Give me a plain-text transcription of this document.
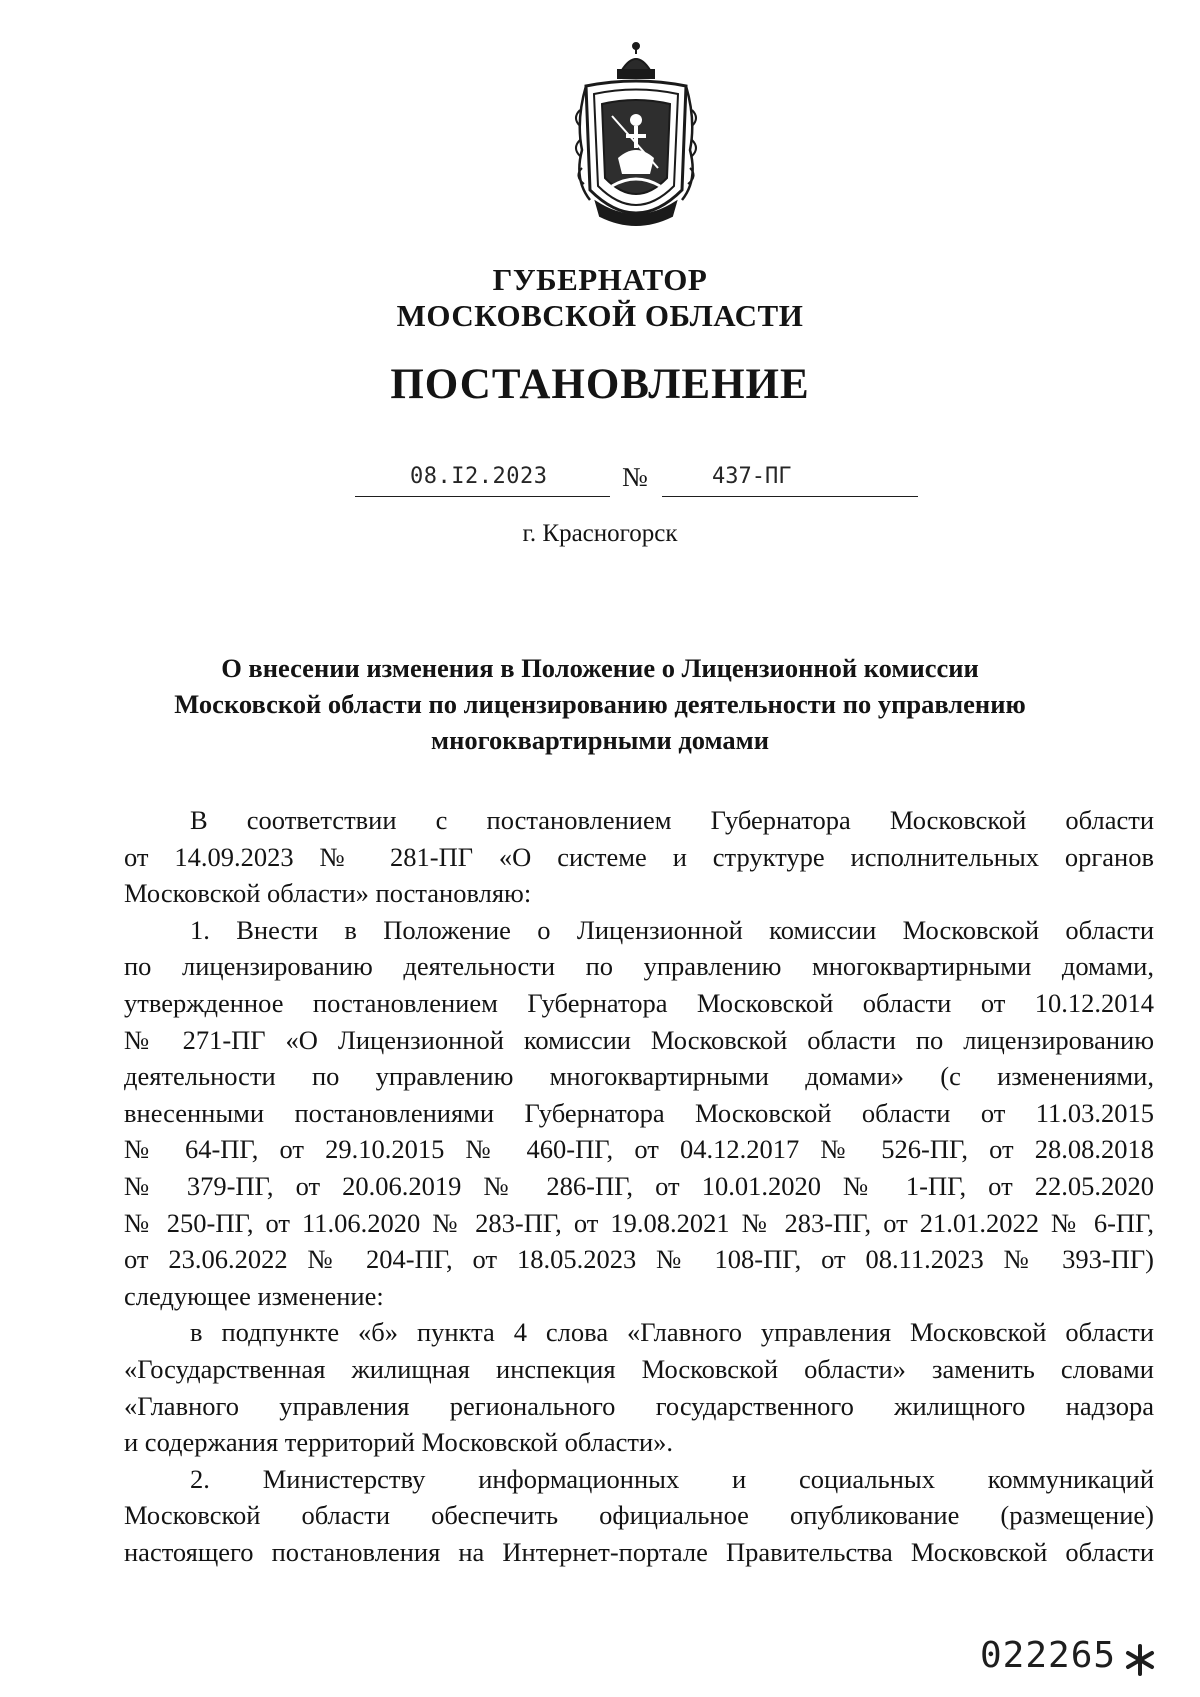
ГУБЕРНАТОР
МОСКОВСКОЙ ОБЛАСТИ
ПОСТАНОВЛЕНИЕ
08.I2.2023	№	437-ПГ
г. Красногорск
О внесении изменения в Положение о Лицензионной комиссии
Московской области по лицензированию деятельности по управлению
многоквартирными домами
В соответствии с постановлением Губернатора Московской области
от 14.09.2023 № 281-ПГ «О системе и структуре исполнительных органов
Московской области» постановляю:
1. Внести в Положение о Лицензионной комиссии Московской области
по лицензированию деятельности по управлению многоквартирными домами,
утвержденное постановлением Губернатора Московской области от 10.12.2014
№ 271-ПГ «О Лицензионной комиссии Московской области по лицензированию
деятельности по управлению многоквартирными домами» (с изменениями,
внесенными постановлениями Губернатора Московской области от 11.03.2015
№ 64-ПГ, от 29.10.2015 № 460-ПГ, от 04.12.2017 № 526-ПГ, от 28.08.2018
№ 379-ПГ, от 20.06.2019 № 286-ПГ, от 10.01.2020 № 1-ПГ, от 22.05.2020
№ 250-ПГ, от 11.06.2020 № 283-ПГ, от 19.08.2021 № 283-ПГ, от 21.01.2022 № 6-ПГ,
от 23.06.2022 № 204-ПГ, от 18.05.2023 № 108-ПГ, от 08.11.2023 № 393-ПГ)
следующее изменение:
в подпункте «б» пункта 4 слова «Главного управления Московской области
«Государственная жилищная инспекция Московской области» заменить словами
«Главного управления регионального государственного жилищного надзора
и содержания территорий Московской области».
2. Министерству информационных и социальных коммуникаций
Московской области обеспечить официальное опубликование (размещение)
настоящего постановления на Интернет-портале Правительства Московской области
022265
